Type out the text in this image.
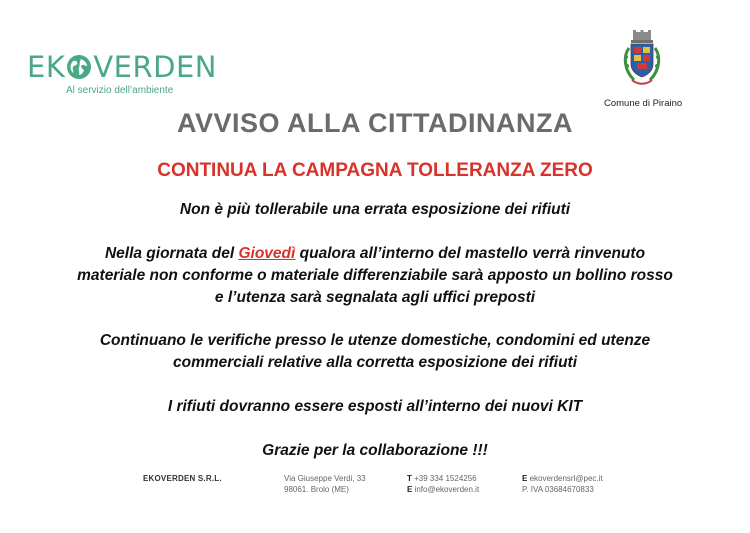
EK VERDEN
Al servizio dell’ambiente
Comune di Piraino
AVVISO ALLA CITTADINANZA
CONTINUA LA CAMPAGNA TOLLERANZA ZERO
Non è più tollerabile una errata esposizione dei rifiuti
Nella giornata del Giovedì qualora all’interno del mastello verrà rinvenuto
materiale non conforme o materiale differenziabile sarà apposto un bollino rosso
e l’utenza sarà segnalata agli uffici preposti
Continuano le verifiche presso le utenze domestiche, condomini ed utenze
commerciali relative alla corretta esposizione dei rifiuti
I rifiuti dovranno essere esposti all’interno dei nuovi KIT
Grazie per la collaborazione !!!
EKOVERDEN S.R.L.	Via Giuseppe Verdi, 33
98061. Brolo (ME)
T +39 334 1524256
E info@ekoverden.it
E ekoverdensrl@pec.it
P. IVA 03684670833
